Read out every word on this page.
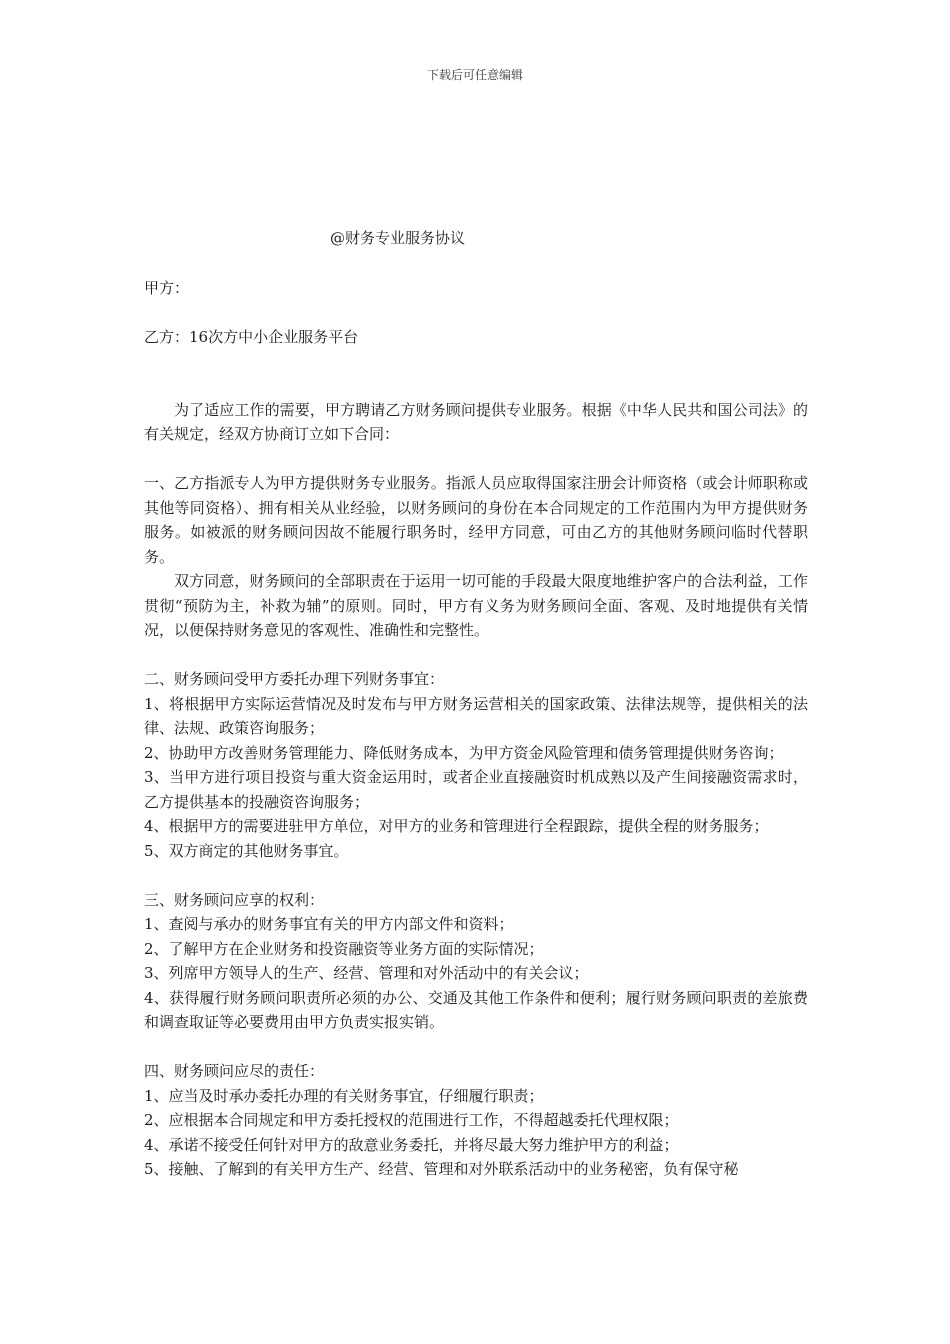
下载后可任意编辑
@财务专业服务协议
甲方：
乙方：16次方中小企业服务平台

为了适应工作的需要，甲方聘请乙方财务顾问提供专业服务。根据《中华人民共和国公司法》的有关规定，经双方协商订立如下合同：

一、乙方指派专人为甲方提供财务专业服务。指派人员应取得国家注册会计师资格（或会计师职称或其他等同资格）、拥有相关从业经验，以财务顾问的身份在本合同规定的工作范围内为甲方提供财务服务。如被派的财务顾问因故不能履行职务时，经甲方同意，可由乙方的其他财务顾问临时代替职务。

双方同意，财务顾问的全部职责在于运用一切可能的手段最大限度地维护客户的合法利益，工作贯彻“预防为主，补救为辅”的原则。同时，甲方有义务为财务顾问全面、客观、及时地提供有关情况，以便保持财务意见的客观性、准确性和完整性。

二、财务顾问受甲方委托办理下列财务事宜：

1、将根据甲方实际运营情况及时发布与甲方财务运营相关的国家政策、法律法规等，提供相关的法律、法规、政策咨询服务；

2、协助甲方改善财务管理能力、降低财务成本，为甲方资金风险管理和债务管理提供财务咨询；

3、当甲方进行项目投资与重大资金运用时，或者企业直接融资时机成熟以及产生间接融资需求时，乙方提供基本的投融资咨询服务；

4、根据甲方的需要进驻甲方单位，对甲方的业务和管理进行全程跟踪，提供全程的财务服务；

5、双方商定的其他财务事宜。

三、财务顾问应享的权利：

1、查阅与承办的财务事宜有关的甲方内部文件和资料；

2、了解甲方在企业财务和投资融资等业务方面的实际情况；

3、列席甲方领导人的生产、经营、管理和对外活动中的有关会议；

4、获得履行财务顾问职责所必须的办公、交通及其他工作条件和便利；履行财务顾问职责的差旅费和调查取证等必要费用由甲方负责实报实销。

四、财务顾问应尽的责任：

1、应当及时承办委托办理的有关财务事宜，仔细履行职责；

2、应根据本合同规定和甲方委托授权的范围进行工作，不得超越委托代理权限；

4、承诺不接受任何针对甲方的敌意业务委托，并将尽最大努力维护甲方的利益；

5、接触、了解到的有关甲方生产、经营、管理和对外联系活动中的业务秘密，负有保守秘
